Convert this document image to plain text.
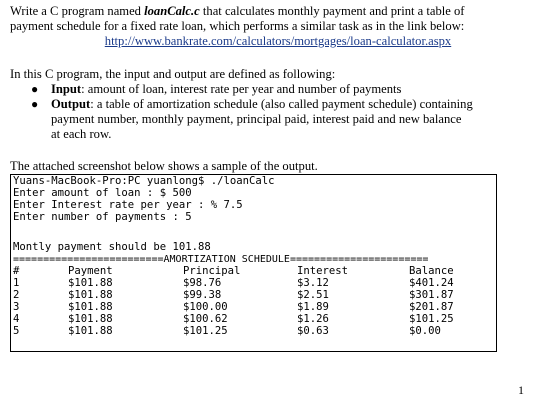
Write a C program named loanCalc.c that calculates monthly payment and print a table of
payment schedule for a fixed rate loan, which performs a similar task as in the link below:
http://www.bankrate.com/calculators/mortgages/loan-calculator.aspx
In this C program, the input and output are defined as following:
● Input: amount of loan, interest rate per year and number of payments
● Output: a table of amortization schedule (also called payment schedule) containing
payment number, monthly payment, principal paid, interest paid and new balance
at each row.
The attached screenshot below shows a sample of the output.
Yuans-MacBook-Pro:PC yuanlong$ ./loanCalc
Enter amount of loan : $ 500
Enter Interest rate per year : % 7.5
Enter number of payments : 5
Montly payment should be 101.88
=========================AMORTIZATION SCHEDULE=======================
#	Payment	Principal	Interest	Balance
1	$101.88	$98.76	$3.12	$401.24
2	$101.88	$99.38	$2.51	$301.87
3	$101.88	$100.00	$1.89	$201.87
4	$101.88	$100.62	$1.26	$101.25
5	$101.88	$101.25	$0.63	$0.00
1
